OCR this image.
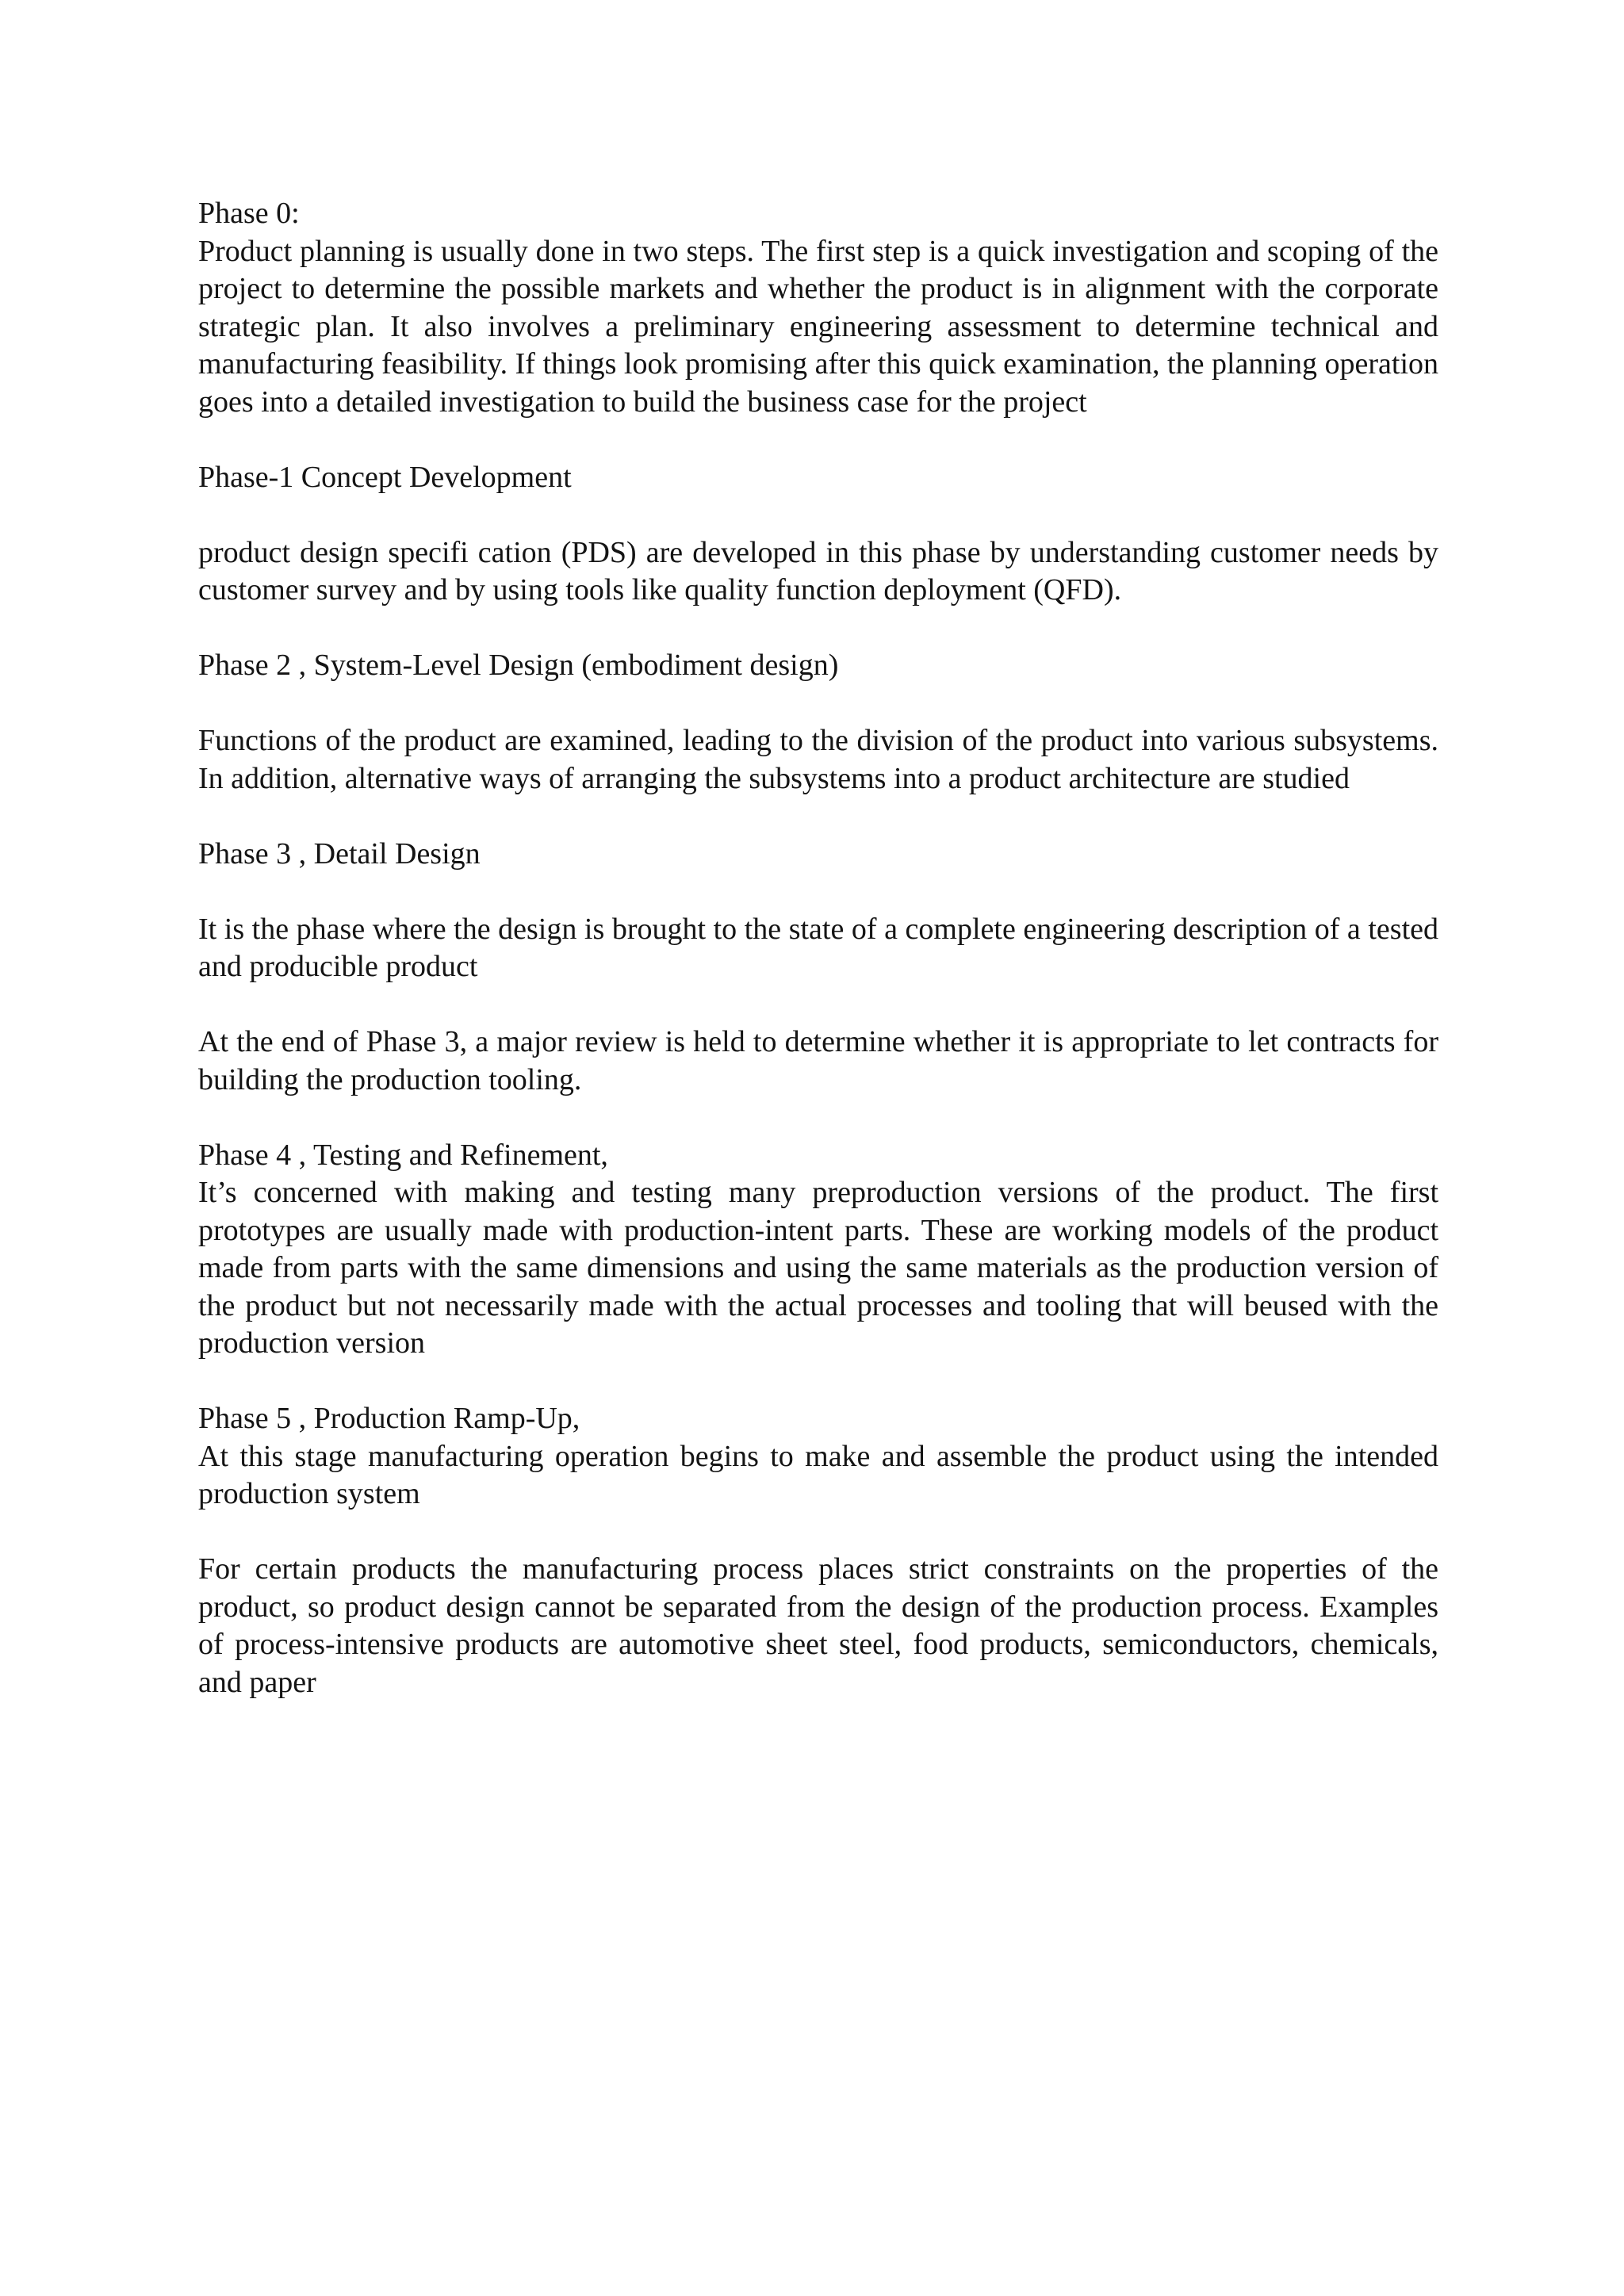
Phase 0:

Product planning is usually done in two steps. The first step is a quick investigation and scoping of the project to determine the possible markets and whether the product is in alignment with the corporate strategic plan. It also involves a preliminary engineering assessment to determine technical and manufacturing feasibility. If things look promising after this quick examination, the planning operation goes into a detailed investigation to build the business case for the project

Phase-1 Concept Development

product design specifi cation (PDS) are developed in this phase by understanding customer needs by customer survey and by using tools like quality function deployment (QFD).

Phase 2 , System-Level Design (embodiment design)

Functions of the product are examined, leading to the division of the product into various subsystems. In addition, alternative ways of arranging the subsystems into a product architecture are studied

Phase 3 , Detail Design

It is the phase where the design is brought to the state of a complete engineering description of a tested and producible product

At the end of Phase 3, a major review is held to determine whether it is appropriate to let contracts for building the production tooling.

Phase 4 , Testing and Refinement,

It’s concerned with making and testing many preproduction versions of the product. The first prototypes are usually made with production-intent parts. These are working models of the product made from parts with the same dimensions and using the same materials as the production version of the product but not necessarily made with the actual processes and tooling that will beused with the production version

Phase 5 , Production Ramp-Up,

At this stage manufacturing operation begins to make and assemble the product using the intended production system

For certain products the manufacturing process places strict constraints on the properties of the product, so product design cannot be separated from the design of the production process. Examples of process-intensive products are automotive sheet steel, food products, semiconductors, chemicals, and paper
